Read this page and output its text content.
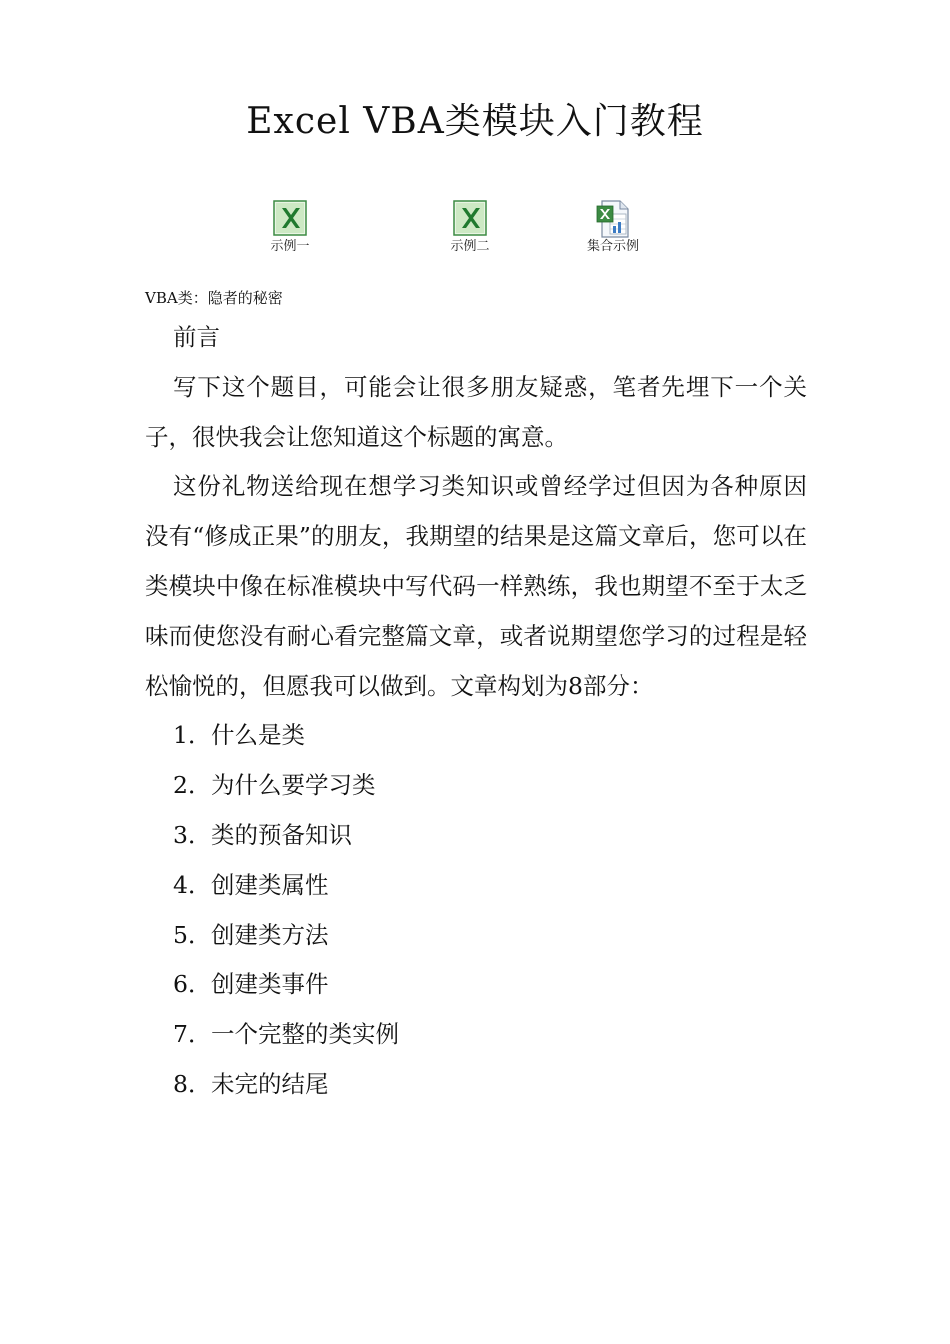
Excel VBA类模块入门教程
示例一	示例二	集合示例
VBA类：隐者的秘密

前言

写下这个题目，可能会让很多朋友疑惑，笔者先埋下一个关子，很快我会让您知道这个标题的寓意。

这份礼物送给现在想学习类知识或曾经学过但因为各种原因没有“修成正果”的朋友，我期望的结果是这篇文章后，您可以在类模块中像在标准模块中写代码一样熟练，我也期望不至于太乏味而使您没有耐心看完整篇文章，或者说期望您学习的过程是轻松愉悦的，但愿我可以做到。文章构划为8部分：

1．什么是类
2．为什么要学习类
3．类的预备知识
4．创建类属性
5．创建类方法
6．创建类事件
7．一个完整的类实例
8．未完的结尾
